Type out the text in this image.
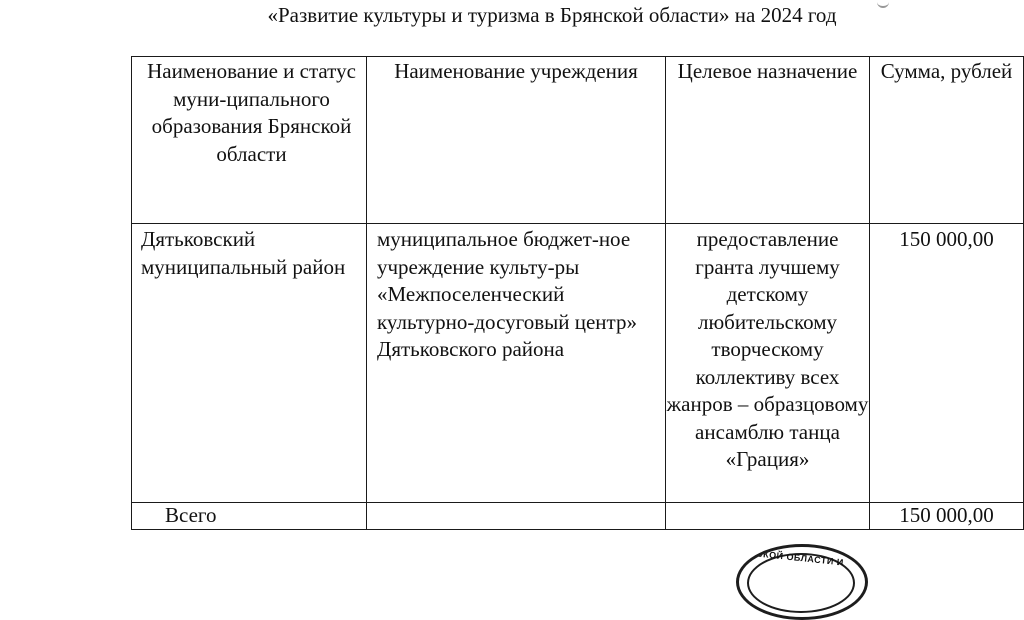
«Развитие культуры и туризма в Брянской области» на 2024 год
Наименование и статус муни-ципального образования Брянской области	Наименование учреждения	Целевое назначение	Сумма, рублей
Дятьковский муниципальный район	муниципальное бюджет-ное учреждение культу-ры «Межпоселенческий культурно-досуговый центр» Дятьковского района	предоставление гранта лучшему детскому любительскому творческому коллективу всех жанров – образцовому ансамблю танца «Грация»	150 000,00
Всего			150 000,00
СКОЙ ОБЛАСТИ И
